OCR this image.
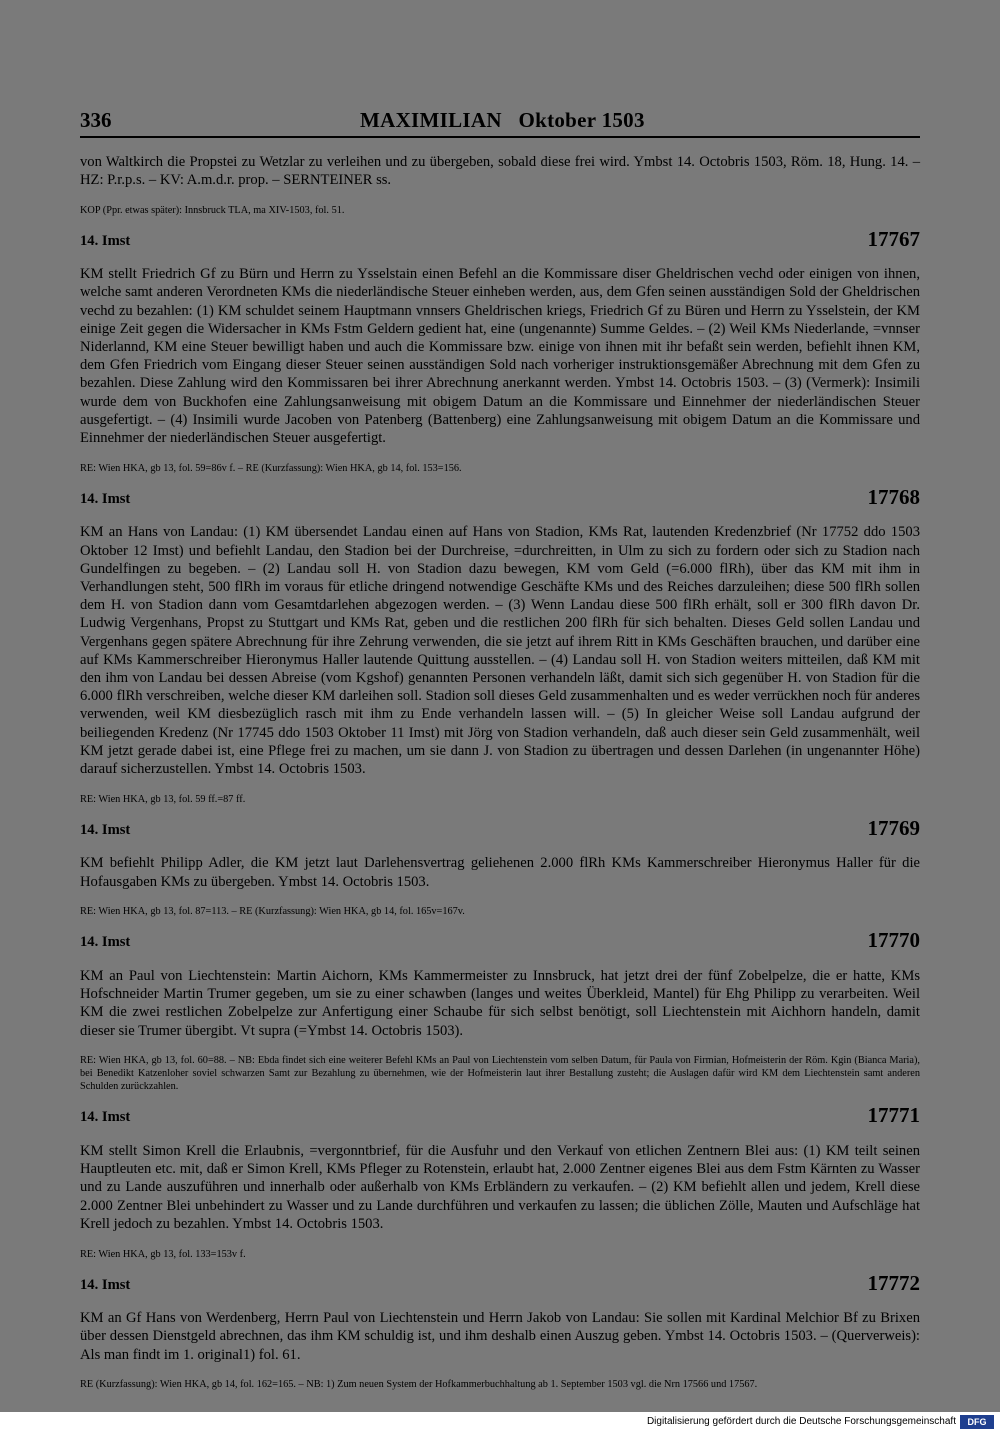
336	MAXIMILIAN   Oktober 1503

von Waltkirch die Propstei zu Wetzlar zu verleihen und zu übergeben, sobald diese frei wird. Ymbst 14. Octobris 1503, Röm. 18, Hung. 14. – HZ: P.r.p.s. – KV: A.m.d.r. prop. – SERNTEINER ss.

KOP (Ppr. etwas später): Innsbruck TLA, ma XIV-1503, fol. 51.

14. Imst	17767

KM stellt Friedrich Gf zu Bürn und Herrn zu Ysselstain einen Befehl an die Kommissare diser Gheldrischen vechd oder einigen von ihnen, welche samt anderen Verordneten KMs die niederländische Steuer einheben werden, aus, dem Gfen seinen ausständigen Sold der Gheldrischen vechd zu bezahlen: (1) KM schuldet seinem Hauptmann vnnsers Gheldrischen kriegs, Friedrich Gf zu Büren und Herrn zu Ysselstein, der KM einige Zeit gegen die Widersacher in KMs Fstm Geldern gedient hat, eine (ungenannte) Summe Geldes. – (2) Weil KMs Niederlande, =vnnser Niderlannd, KM eine Steuer bewilligt haben und auch die Kommissare bzw. einige von ihnen mit ihr befaßt sein werden, befiehlt ihnen KM, dem Gfen Friedrich vom Eingang dieser Steuer seinen ausständigen Sold nach vorheriger instruktionsgemäßer Abrechnung mit dem Gfen zu bezahlen. Diese Zahlung wird den Kommissaren bei ihrer Abrechnung anerkannt werden. Ymbst 14. Octobris 1503. – (3) (Vermerk): Insimili wurde dem von Buckhofen eine Zahlungsanweisung mit obigem Datum an die Kommissare und Einnehmer der niederländischen Steuer ausgefertigt. – (4) Insimili wurde Jacoben von Patenberg (Battenberg) eine Zahlungsanweisung mit obigem Datum an die Kommissare und Einnehmer der niederländischen Steuer ausgefertigt.

RE: Wien HKA, gb 13, fol. 59=86v f. – RE (Kurzfassung): Wien HKA, gb 14, fol. 153=156.

14. Imst	17768

KM an Hans von Landau: (1) KM übersendet Landau einen auf Hans von Stadion, KMs Rat, lautenden Kredenzbrief (Nr 17752 ddo 1503 Oktober 12 Imst) und befiehlt Landau, den Stadion bei der Durchreise, =durchreitten, in Ulm zu sich zu fordern oder sich zu Stadion nach Gundelfingen zu begeben. – (2) Landau soll H. von Stadion dazu bewegen, KM vom Geld (=6.000 flRh), über das KM mit ihm in Verhandlungen steht, 500 flRh im voraus für etliche dringend notwendige Geschäfte KMs und des Reiches darzuleihen; diese 500 flRh sollen dem H. von Stadion dann vom Gesamtdarlehen abgezogen werden. – (3) Wenn Landau diese 500 flRh erhält, soll er 300 flRh davon Dr. Ludwig Vergenhans, Propst zu Stuttgart und KMs Rat, geben und die restlichen 200 flRh für sich behalten. Dieses Geld sollen Landau und Vergenhans gegen spätere Abrechnung für ihre Zehrung verwenden, die sie jetzt auf ihrem Ritt in KMs Geschäften brauchen, und darüber eine auf KMs Kammerschreiber Hieronymus Haller lautende Quittung ausstellen. – (4) Landau soll H. von Stadion weiters mitteilen, daß KM mit den ihm von Landau bei dessen Abreise (vom Kgshof) genannten Personen verhandeln läßt, damit sich sich gegenüber H. von Stadion für die 6.000 flRh verschreiben, welche dieser KM darleihen soll. Stadion soll dieses Geld zusammenhalten und es weder verrückhen noch für anderes verwenden, weil KM diesbezüglich rasch mit ihm zu Ende verhandeln lassen will. – (5) In gleicher Weise soll Landau aufgrund der beiliegenden Kredenz (Nr 17745 ddo 1503 Oktober 11 Imst) mit Jörg von Stadion verhandeln, daß auch dieser sein Geld zusammenhält, weil KM jetzt gerade dabei ist, eine Pflege frei zu machen, um sie dann J. von Stadion zu übertragen und dessen Darlehen (in ungenannter Höhe) darauf sicherzustellen. Ymbst 14. Octobris 1503.

RE: Wien HKA, gb 13, fol. 59 ff.=87 ff.

14. Imst	17769

KM befiehlt Philipp Adler, die KM jetzt laut Darlehensvertrag geliehenen 2.000 flRh KMs Kammerschreiber Hieronymus Haller für die Hofausgaben KMs zu übergeben. Ymbst 14. Octobris 1503.

RE: Wien HKA, gb 13, fol. 87=113. – RE (Kurzfassung): Wien HKA, gb 14, fol. 165v=167v.

14. Imst	17770

KM an Paul von Liechtenstein: Martin Aichorn, KMs Kammermeister zu Innsbruck, hat jetzt drei der fünf Zobelpelze, die er hatte, KMs Hofschneider Martin Trumer gegeben, um sie zu einer schawben (langes und weites Überkleid, Mantel) für Ehg Philipp zu verarbeiten. Weil KM die zwei restlichen Zobelpelze zur Anfertigung einer Schaube für sich selbst benötigt, soll Liechtenstein mit Aichhorn handeln, damit dieser sie Trumer übergibt. Vt supra (=Ymbst 14. Octobris 1503).

RE: Wien HKA, gb 13, fol. 60=88. – NB: Ebda findet sich eine weiterer Befehl KMs an Paul von Liechtenstein vom selben Datum, für Paula von Firmian, Hofmeisterin der Röm. Kgin (Bianca Maria), bei Benedikt Katzenloher soviel schwarzen Samt zur Bezahlung zu übernehmen, wie der Hofmeisterin laut ihrer Bestallung zusteht; die Auslagen dafür wird KM dem Liechtenstein samt anderen Schulden zurückzahlen.

14. Imst	17771

KM stellt Simon Krell die Erlaubnis, =vergonntbrief, für die Ausfuhr und den Verkauf von etlichen Zentnern Blei aus: (1) KM teilt seinen Hauptleuten etc. mit, daß er Simon Krell, KMs Pfleger zu Rotenstein, erlaubt hat, 2.000 Zentner eigenes Blei aus dem Fstm Kärnten zu Wasser und zu Lande auszuführen und innerhalb oder außerhalb von KMs Erbländern zu verkaufen. – (2) KM befiehlt allen und jedem, Krell diese 2.000 Zentner Blei unbehindert zu Wasser und zu Lande durchführen und verkaufen zu lassen; die üblichen Zölle, Mauten und Aufschläge hat Krell jedoch zu bezahlen. Ymbst 14. Octobris 1503.

RE: Wien HKA, gb 13, fol. 133=153v f.

14. Imst	17772

KM an Gf Hans von Werdenberg, Herrn Paul von Liechtenstein und Herrn Jakob von Landau: Sie sollen mit Kardinal Melchior Bf zu Brixen über dessen Dienstgeld abrechnen, das ihm KM schuldig ist, und ihm deshalb einen Auszug geben. Ymbst 14. Octobris 1503. – (Querverweis): Als man findt im 1. original1) fol. 61.

RE (Kurzfassung): Wien HKA, gb 14, fol. 162=165. – NB: 1) Zum neuen System der Hofkammerbuchhaltung ab 1. September 1503 vgl. die Nrn 17566 und 17567.

Digitalisierung gefördert durch die Deutsche Forschungsgemeinschaft	DFG
